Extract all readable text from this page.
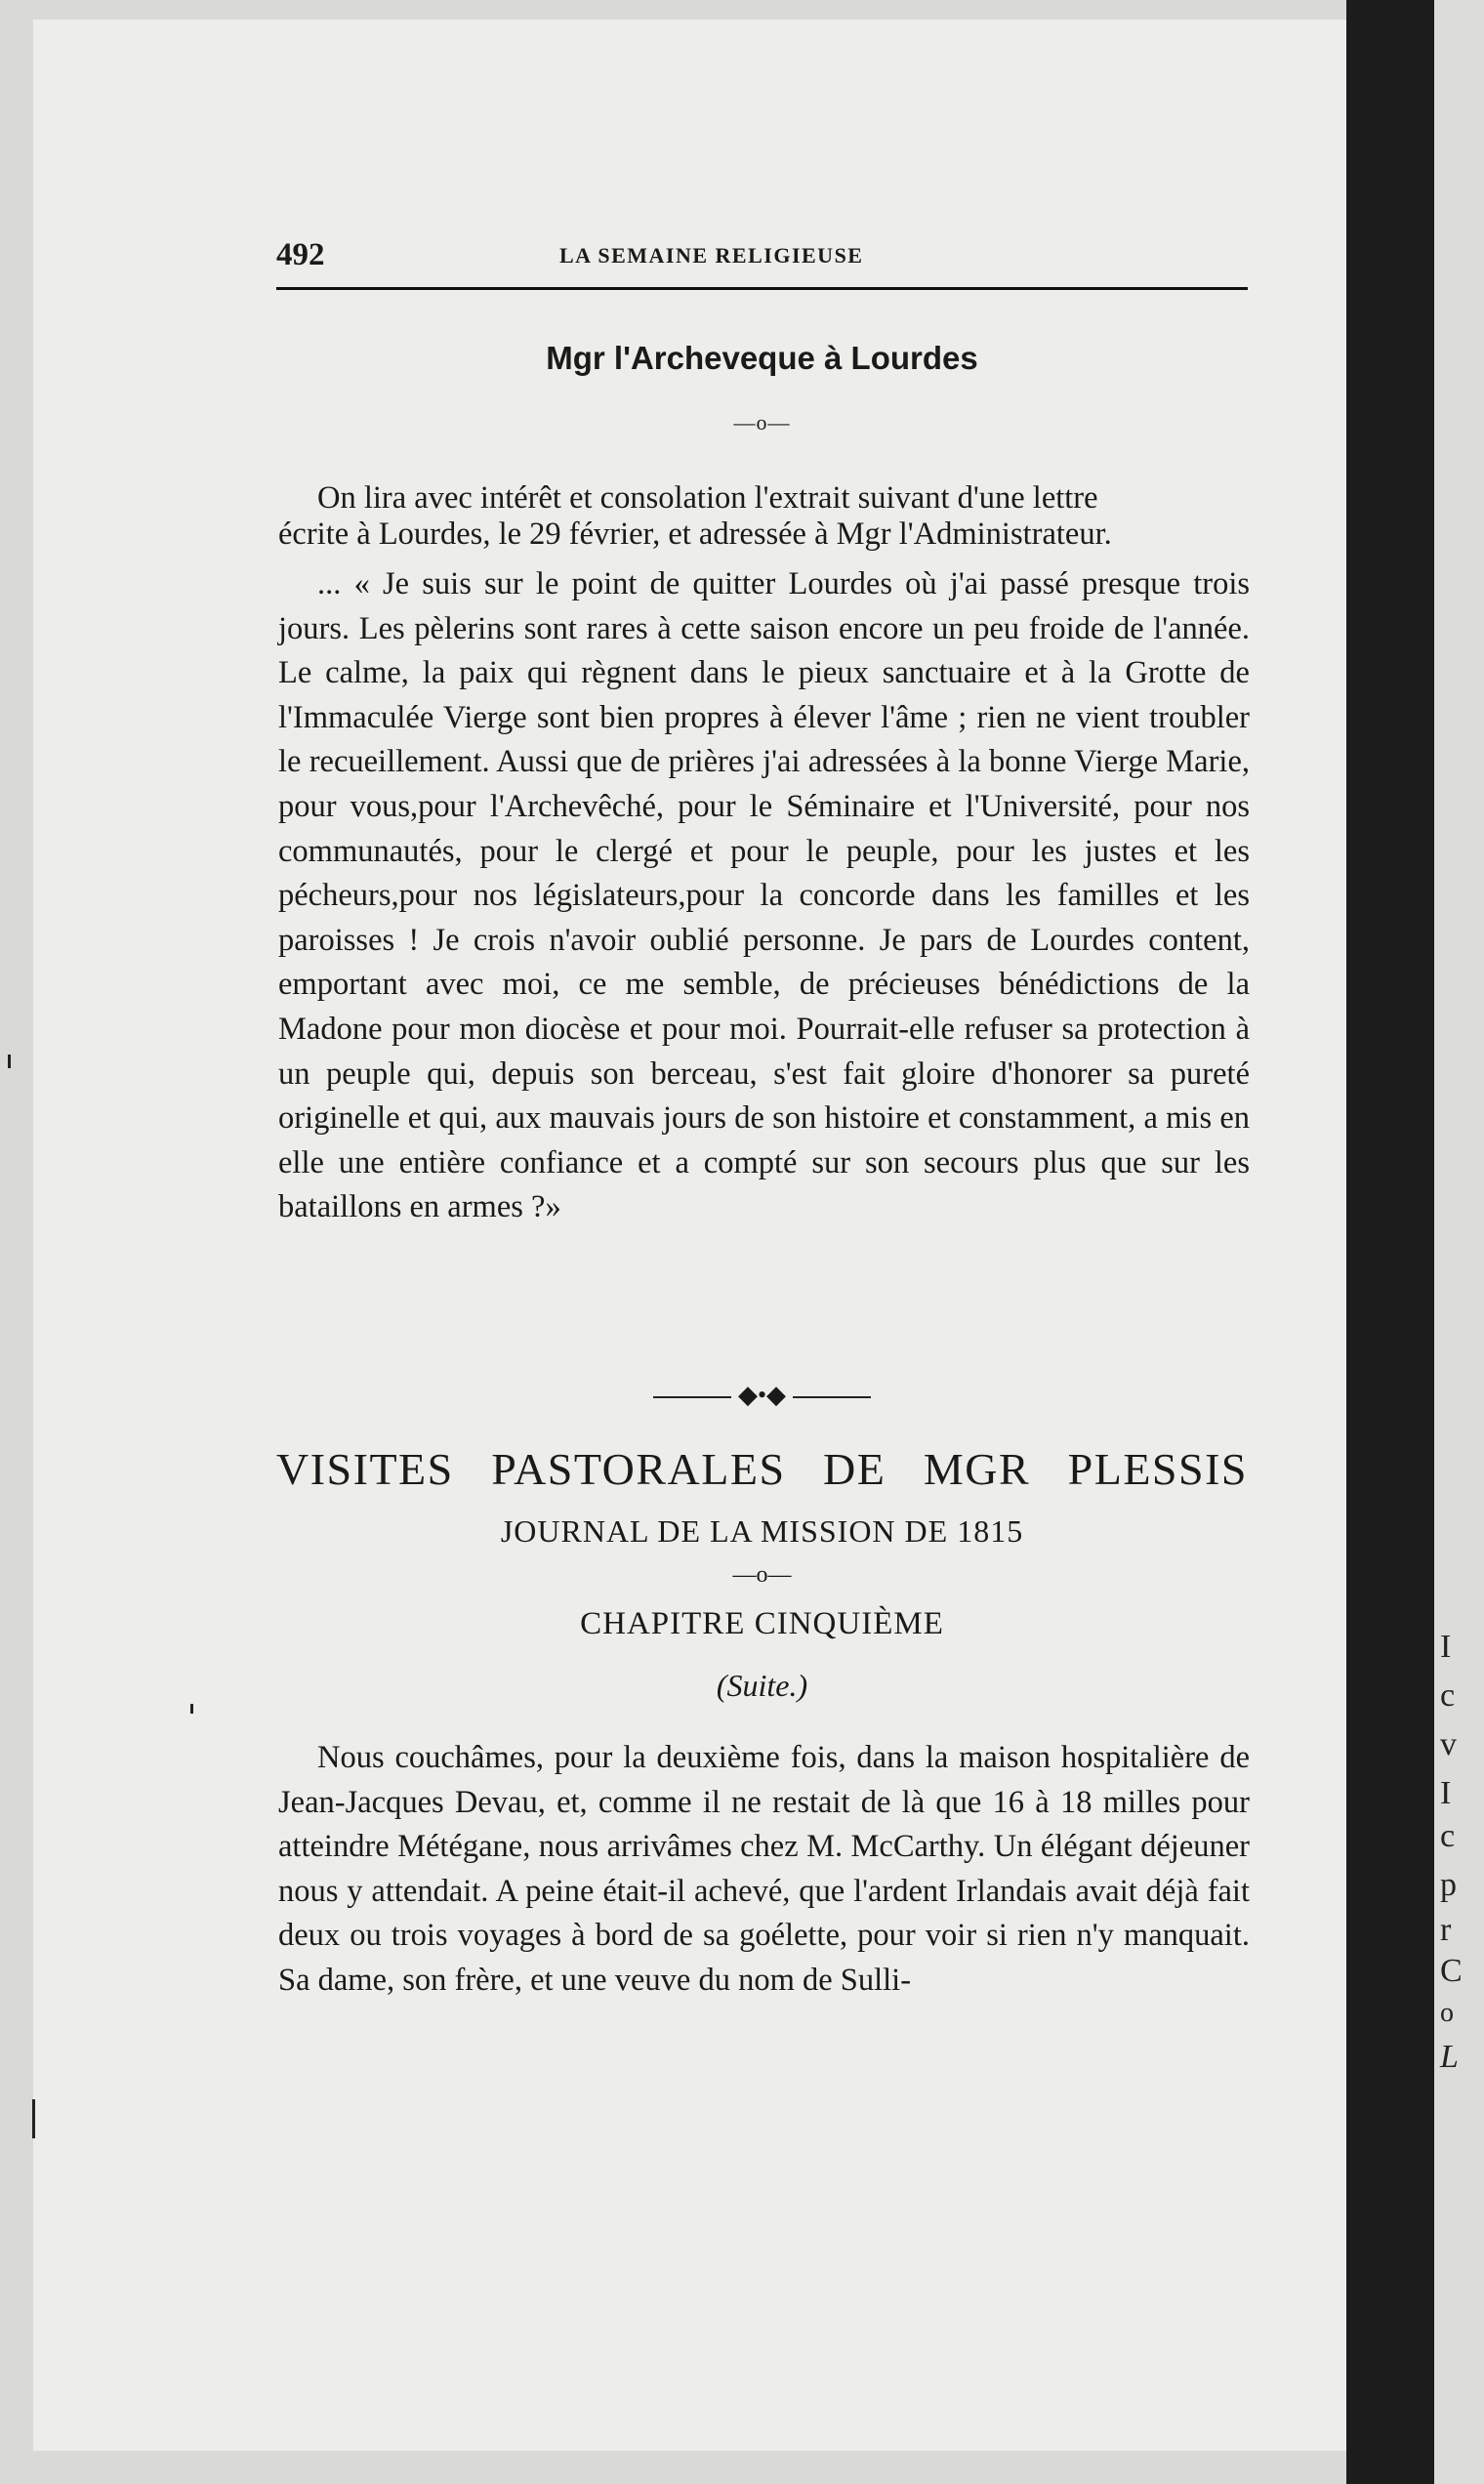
I
c
v
I
c
p
r
C
o
L
492	LA SEMAINE RELIGIEUSE
Mgr l'Archeveque à Lourdes
—o—

On lira avec intérêt et consolation l'extrait suivant d'une lettre

écrite à Lourdes, le 29 février, et adressée à Mgr l'Administrateur.

... « Je suis sur le point de quitter Lourdes où j'ai passé presque trois jours. Les pèlerins sont rares à cette saison encore un peu froide de l'année. Le calme, la paix qui règnent dans le pieux sanctuaire et à la Grotte de l'Immaculée Vierge sont bien propres à élever l'âme ; rien ne vient troubler le recueillement. Aussi que de prières j'ai adressées à la bonne Vierge Marie, pour vous,pour l'Archevêché, pour le Séminaire et l'Université, pour nos communautés, pour le clergé et pour le peuple, pour les justes et les pécheurs,pour nos législateurs,pour la concorde dans les familles et les paroisses ! Je crois n'avoir oublié personne. Je pars de Lourdes content, emportant avec moi, ce me semble, de précieuses bénédictions de la Madone pour mon diocèse et pour moi. Pourrait-elle refuser sa protection à un peuple qui, depuis son berceau, s'est fait gloire d'honorer sa pureté originelle et qui, aux mauvais jours de son histoire et constamment, a mis en elle une entière confiance et a compté sur son secours plus que sur les bataillons en armes ?»

◆•◆
VISITES PASTORALES DE MGR PLESSIS
JOURNAL DE LA MISSION DE 1815
—o—
CHAPITRE CINQUIÈME
(Suite.)

Nous couchâmes, pour la deuxième fois, dans la maison hospitalière de Jean-Jacques Devau, et, comme il ne restait de là que 16 à 18 milles pour atteindre Métégane, nous arrivâmes chez M. McCarthy. Un élégant déjeuner nous y attendait. A peine était-il achevé, que l'ardent Irlandais avait déjà fait deux ou trois voyages à bord de sa goélette, pour voir si rien n'y manquait. Sa dame, son frère, et une veuve du nom de Sulli-
